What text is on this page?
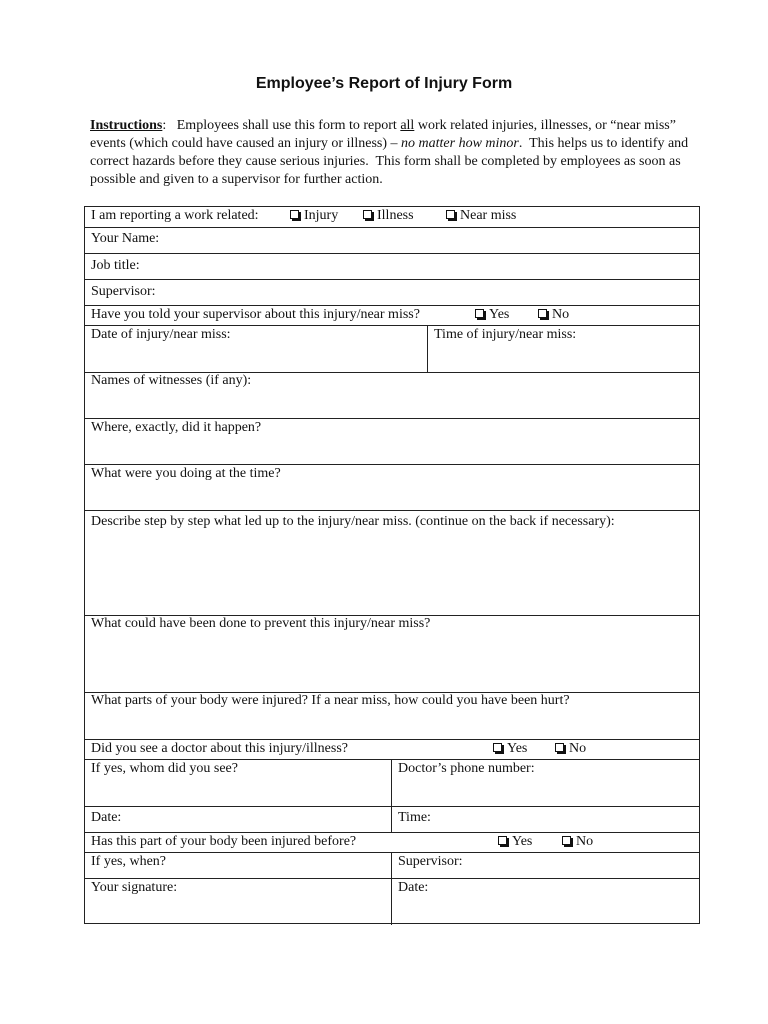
Employee’s Report of Injury Form
Instructions:   Employees shall use this form to report all work related injuries, illnesses, or “near miss” events (which could have caused an injury or illness) – no matter how minor.  This helps us to identify and correct hazards before they cause serious injuries.  This form shall be completed by employees as soon as possible and given to a supervisor for further action.
I am reporting a work related:	Injury	Illness	Near miss
Your Name:
Job title:
Supervisor:
Have you told your supervisor about this injury/near miss?	Yes	No
Date of injury/near miss:	Time of injury/near miss:
Names of witnesses (if any):
Where, exactly, did it happen?
What were you doing at the time?
Describe step by step what led up to the injury/near miss. (continue on the back if necessary):
What could have been done to prevent this injury/near miss?
What parts of your body were injured? If a near miss, how could you have been hurt?
Did you see a doctor about this injury/illness?	Yes	No
If yes, whom did you see?	Doctor’s phone number:
Date:	Time:
Has this part of your body been injured before?	Yes	No
If yes, when?	Supervisor:
Your signature:	Date:
